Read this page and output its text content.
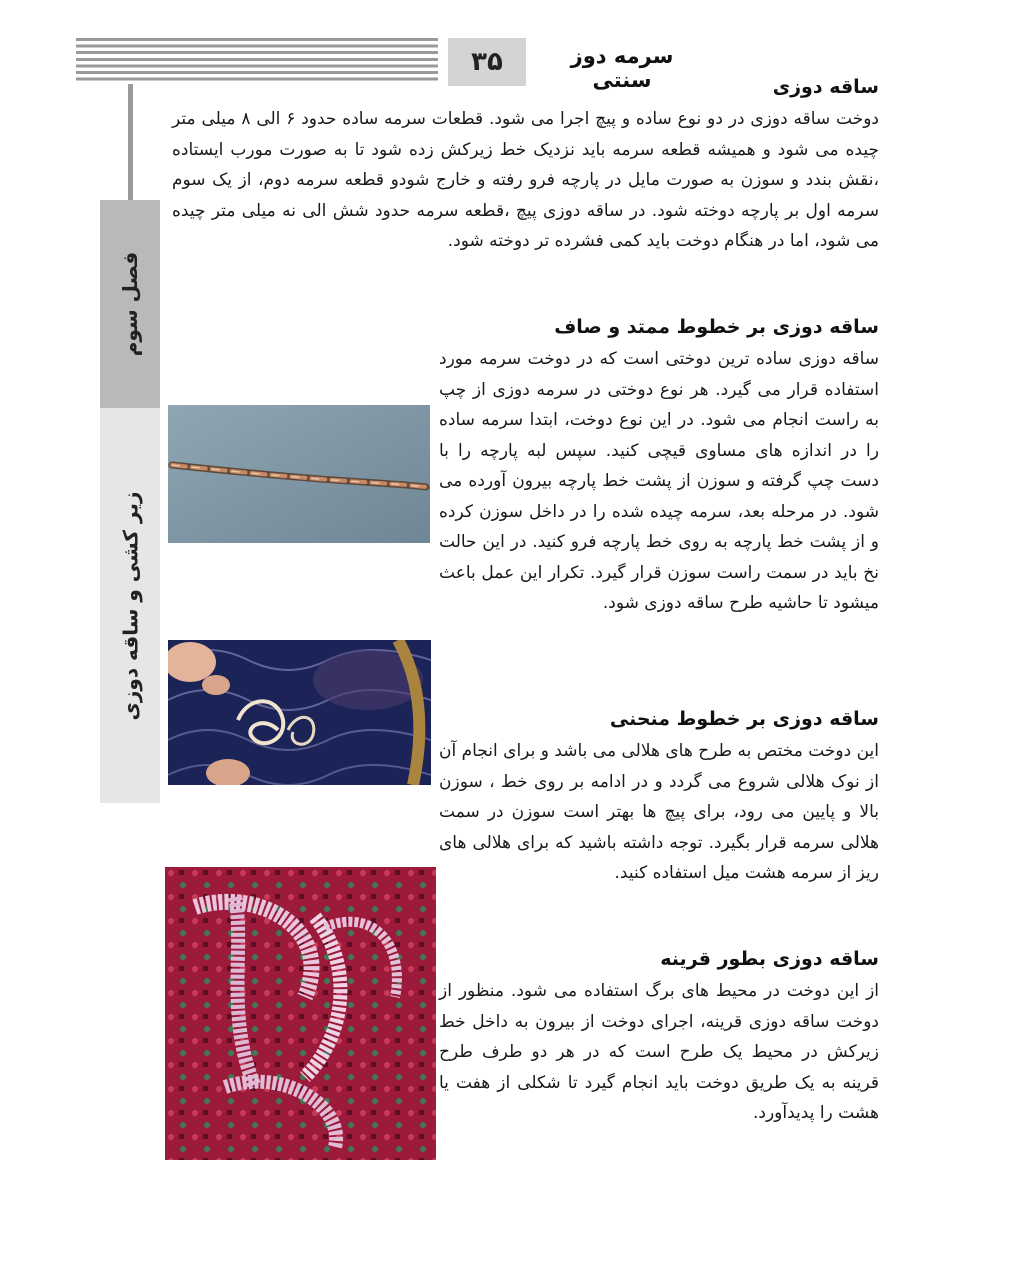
۳۵	سرمه دوز سنتی
فصل سوم
زیر کشی و ساقه دوزی
ساقه دوزی

دوخت ساقه دوزی در دو نوع ساده و پیچ اجرا می شود. قطعات سرمه ساده حدود ۶ الی ۸ میلی متر چیده می شود و همیشه قطعه سرمه باید نزدیک خط زیرکش زده شود تا به صورت مورب ایستاده ،نقش بندد و سوزن به صورت مایل در پارچه فرو رفته و خارج شودو قطعه سرمه دوم، از یک سوم سرمه اول بر پارچه دوخته شود. در ساقه دوزی پیچ ،قطعه سرمه حدود شش الی نه میلی متر چیده می شود، اما در هنگام دوخت باید کمی فشرده تر دوخته شود.

ساقه دوزی بر خطوط ممتد و صاف

ساقه دوزی ساده ترین دوختی است که در دوخت سرمه مورد استفاده قرار می گیرد. هر نوع دوختی در سرمه دوزی از چپ به راست انجام می شود. در این نوع دوخت، ابتدا سرمه ساده را در اندازه های مساوی قیچی کنید. سپس لبه پارچه را با دست چپ گرفته و سوزن از پشت خط پارچه بیرون آورده می شود. در مرحله بعد، سرمه چیده شده را در داخل سوزن کرده و از پشت خط پارچه به روی خط پارچه فرو کنید. در این حالت نخ باید در سمت راست سوزن قرار گیرد. تکرار این عمل باعث میشود تا حاشیه طرح ساقه دوزی شود.

ساقه دوزی بر خطوط منحنی

این دوخت مختص به طرح های هلالی می باشد و برای انجام آن از نوک هلالی شروع می گردد و در ادامه بر روی خط ، سوزن بالا و پایین می رود، برای پیچ ها بهتر است سوزن در سمت هلالی سرمه قرار بگیرد. توجه داشته باشید که برای هلالی های ریز از سرمه هشت میل استفاده کنید.

ساقه دوزی بطور قرینه

از این دوخت در محیط های برگ استفاده می شود. منظور از دوخت ساقه دوزی قرینه، اجرای دوخت از بیرون به داخل خط زیرکش در محیط یک طرح است که در هر دو طرف طرح قرینه به یک طریق دوخت باید انجام گیرد تا شکلی از هفت یا هشت را پدیدآورد.
